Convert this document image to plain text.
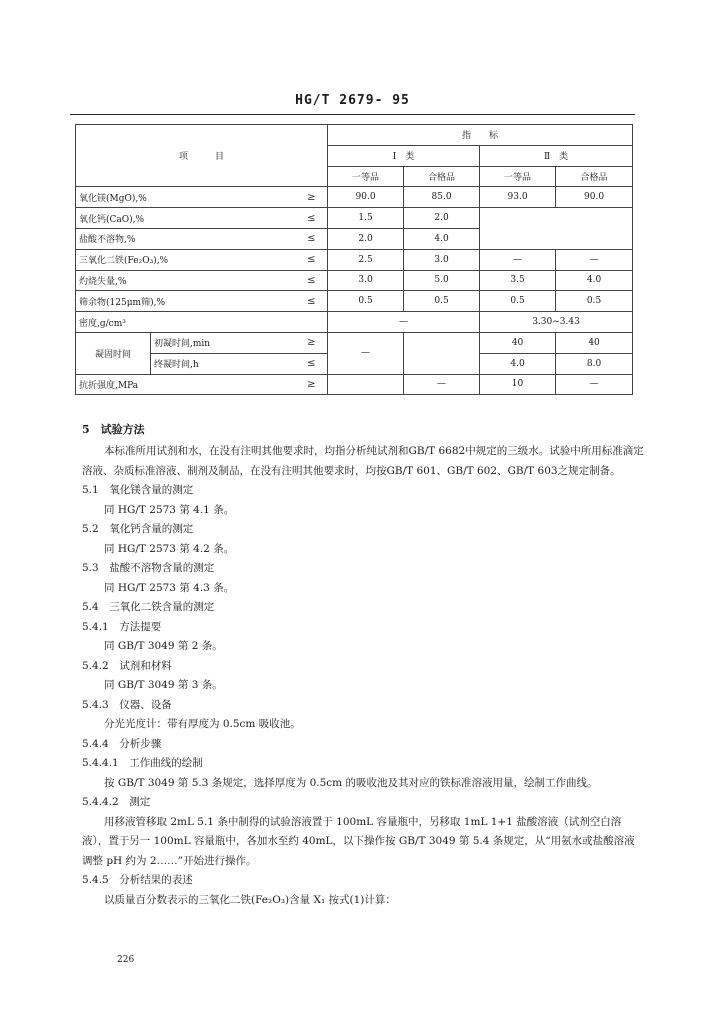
HG/T 2679- 95
项　　　目			指　　标			
			Ⅰ　类		Ⅱ　类	
			一等品	合格品	一等品	合格品
氧化镁(MgO),%		≥	90.0	85.0	93.0	90.0
氧化钙(CaO),%		≤	1.5	2.0		
盐酸不溶物,%		≤	2.0	4.0		
三氧化二铁(Fe₂O₃),%		≤	2.5	3.0	—	—
灼烧失量,%		≤	3.0	5.0	3.5	4.0
筛余物(125μm筛),%		≤	0.5	0.5	0.5	0.5
密度,g/cm³			—		3.30~3.43	
凝固时间	初凝时间,min	≥	—		40	40
	终凝时间,h	≤			4.0	8.0
抗折强度,MPa		≥		—	10	—
5　试验方法
本标准所用试剂和水，在没有注明其他要求时，均指分析纯试剂和GB/T 6682中规定的三级水。试验中所用标准滴定溶液、杂质标准溶液、制剂及制品，在没有注明其他要求时，均按GB/T 601、GB/T 602、GB/T 603之规定制备。
5.1　氧化镁含量的测定
同 HG/T 2573 第 4.1 条。
5.2　氧化钙含量的测定
同 HG/T 2573 第 4.2 条。
5.3　盐酸不溶物含量的测定
同 HG/T 2573 第 4.3 条。
5.4　三氧化二铁含量的测定
5.4.1　方法提要
同 GB/T 3049 第 2 条。
5.4.2　试剂和材料
同 GB/T 3049 第 3 条。
5.4.3　仪器、设备
分光光度计：带有厚度为 0.5cm 吸收池。
5.4.4　分析步骤
5.4.4.1　工作曲线的绘制
按 GB/T 3049 第 5.3 条规定，选择厚度为 0.5cm 的吸收池及其对应的铁标准溶液用量，绘制工作曲线。
5.4.4.2　测定
用移液管移取 2mL 5.1 条中制得的试验溶液置于 100mL 容量瓶中，另移取 1mL 1+1 盐酸溶液（试剂空白溶液），置于另一 100mL 容量瓶中，各加水至约 40mL，以下操作按 GB/T 3049 第 5.4 条规定，从“用氨水或盐酸溶液调整 pH 约为 2……”开始进行操作。
5.4.5　分析结果的表述
以质量百分数表示的三氧化二铁(Fe₂O₃)含量 X₁ 按式(1)计算：
226
